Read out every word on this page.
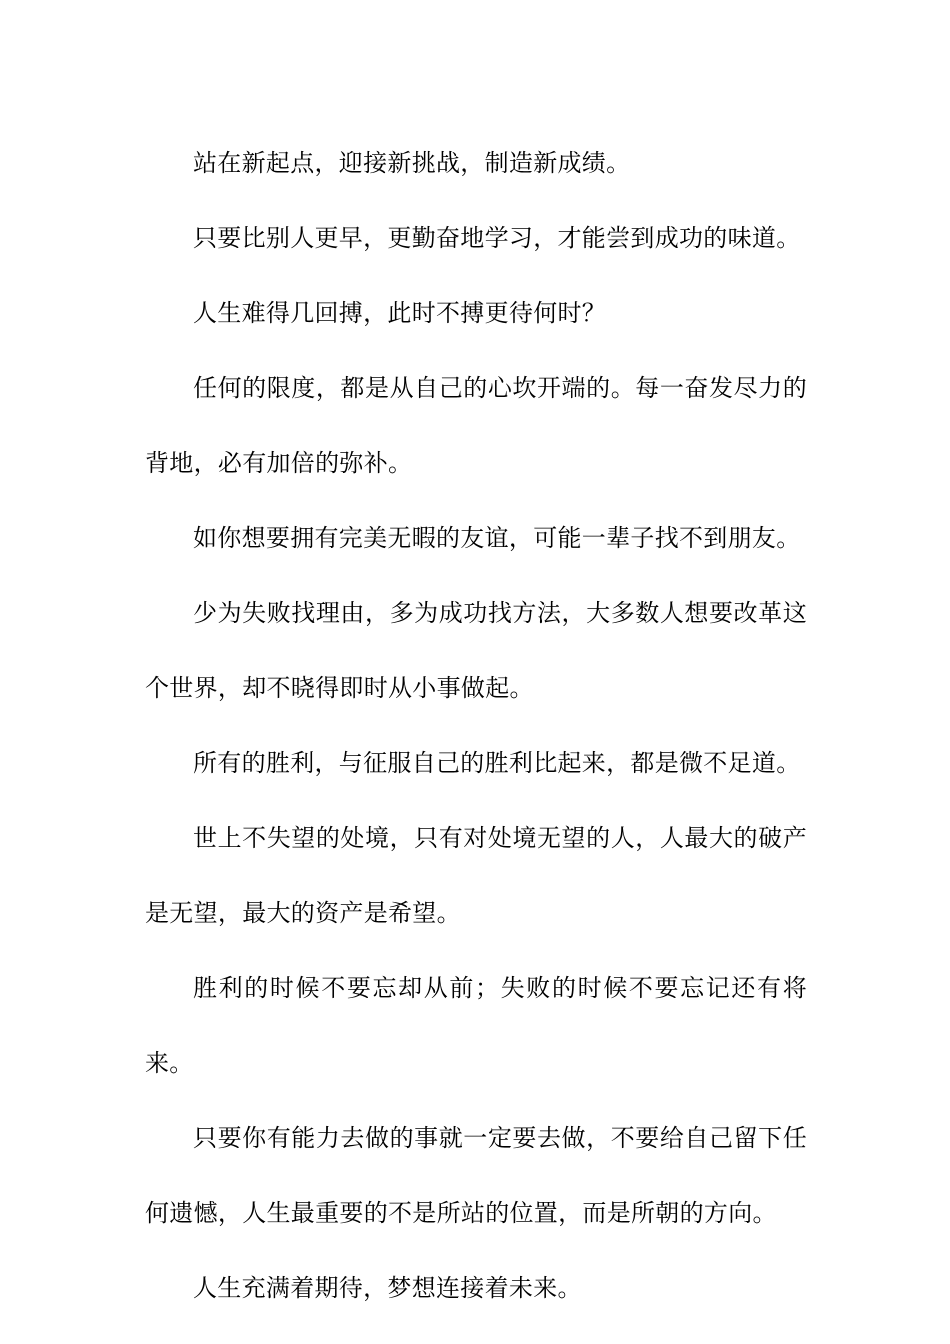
站在新起点，迎接新挑战，制造新成绩。

只要比别人更早，更勤奋地学习，才能尝到成功的味道。

人生难得几回搏，此时不搏更待何时？

任何的限度，都是从自己的心坎开端的。每一奋发尽力的背地，必有加倍的弥补。

如你想要拥有完美无暇的友谊，可能一辈子找不到朋友。

少为失败找理由，多为成功找方法，大多数人想要改革这个世界，却不晓得即时从小事做起。

所有的胜利，与征服自己的胜利比起来，都是微不足道。

世上不失望的处境，只有对处境无望的人，人最大的破产是无望，最大的资产是希望。

胜利的时候不要忘却从前；失败的时候不要忘记还有将来。

只要你有能力去做的事就一定要去做，不要给自己留下任何遗憾，人生最重要的不是所站的位置，而是所朝的方向。

人生充满着期待，梦想连接着未来。
